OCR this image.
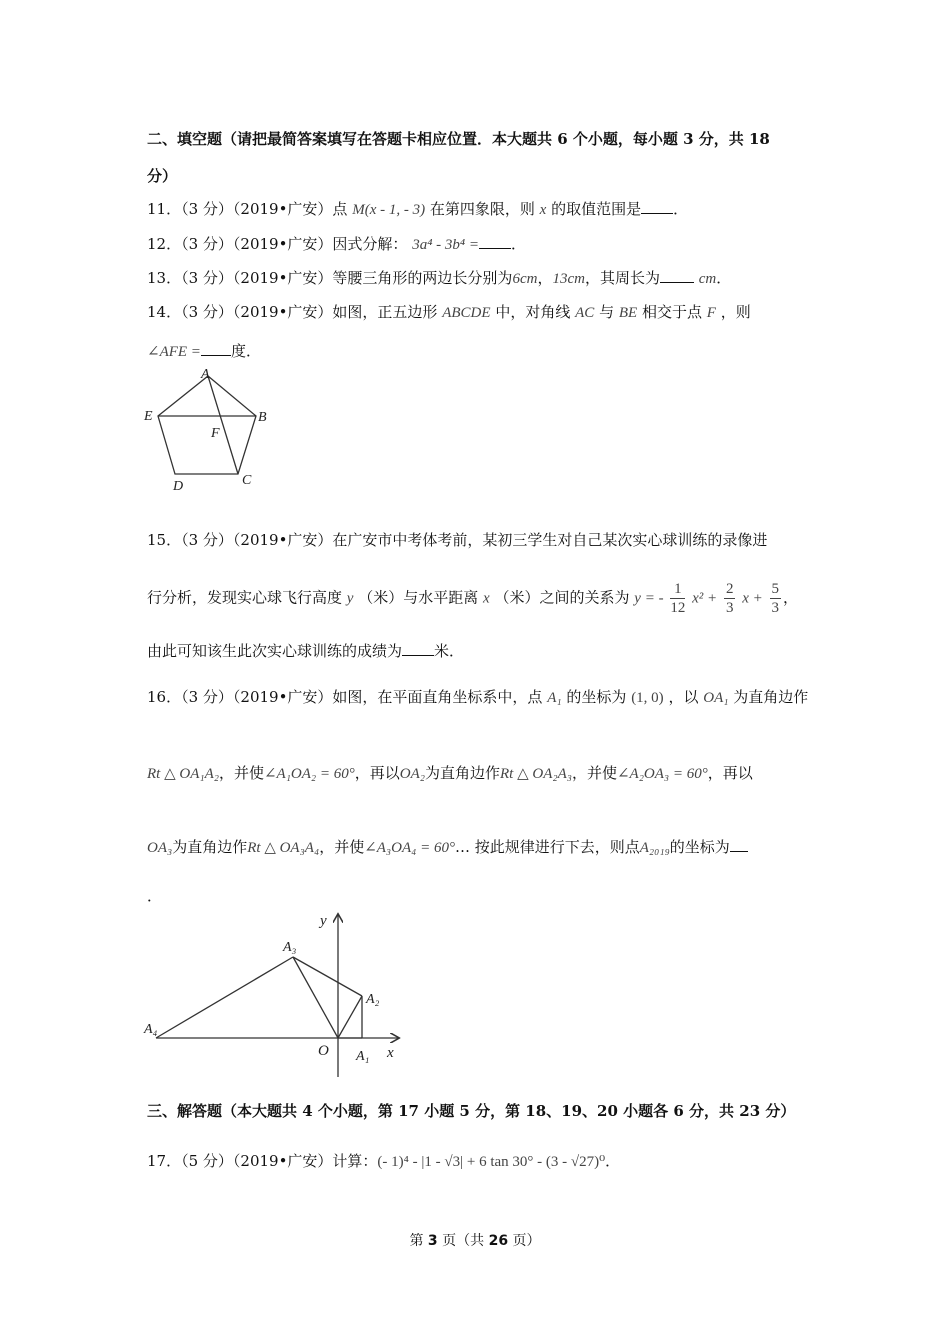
二、填空题（请把最简答案填写在答题卡相应位置．本大题共 6 个小题，每小题 3 分，共 18
分）
11．（3 分）（2019•广安）点 M(x - 1, - 3) 在第四象限，则 x 的取值范围是 ．
12．（3 分）（2019•广安）因式分解： 3a⁴ - 3b⁴ = ．
13．（3 分）（2019•广安）等腰三角形的两边长分别为6cm，13cm，其周长为	cm．
14．（3 分）（2019•广安）如图，正五边形 ABCDE 中，对角线 AC 与 BE 相交于点 F ，则
∠AFE = 度．
A
B
C
D
E
F
15．（3 分）（2019•广安）在广安市中考体考前，某初三学生对自己某次实心球训练的录像进
行分析，发现实心球飞行高度 y （米）与水平距离 x （米）之间的关系为 y = - $\frac{1}{12} x^2 + \frac{2}{3}$ $x + \frac{5}{3}$ ，
由此可知该生此次实心球训练的成绩为 米．
16．（3 分）（2019•广安）如图，在平面直角坐标系中，点 A₁ 的坐标为 (1, 0) ，以 OA₁ 为直角边作
Rt △ OA₁A₂，并使∠A₁OA₂ = 60°，再以OA₂为直角边作Rt △ OA₂A₃，并使∠A₂OA₃ = 60°，再以
OA₃为直角边作Rt △ OA₃A₄，并使∠A₃OA₄ = 60°… 按此规律进行下去，则点A₂₀₁₉的坐标为
．
y
x
O A₁
A₂
A₃
A₄
三、解答题（本大题共 4 个小题，第 17 小题 5 分，第 18、19、20 小题各 6 分，共 23 分）
17．（5 分）（2019•广安）计算：(- 1)⁴ - |1 - √3| + 6 tan 30° - (3 - √27)⁰．
第 3 页（共 26 页）
